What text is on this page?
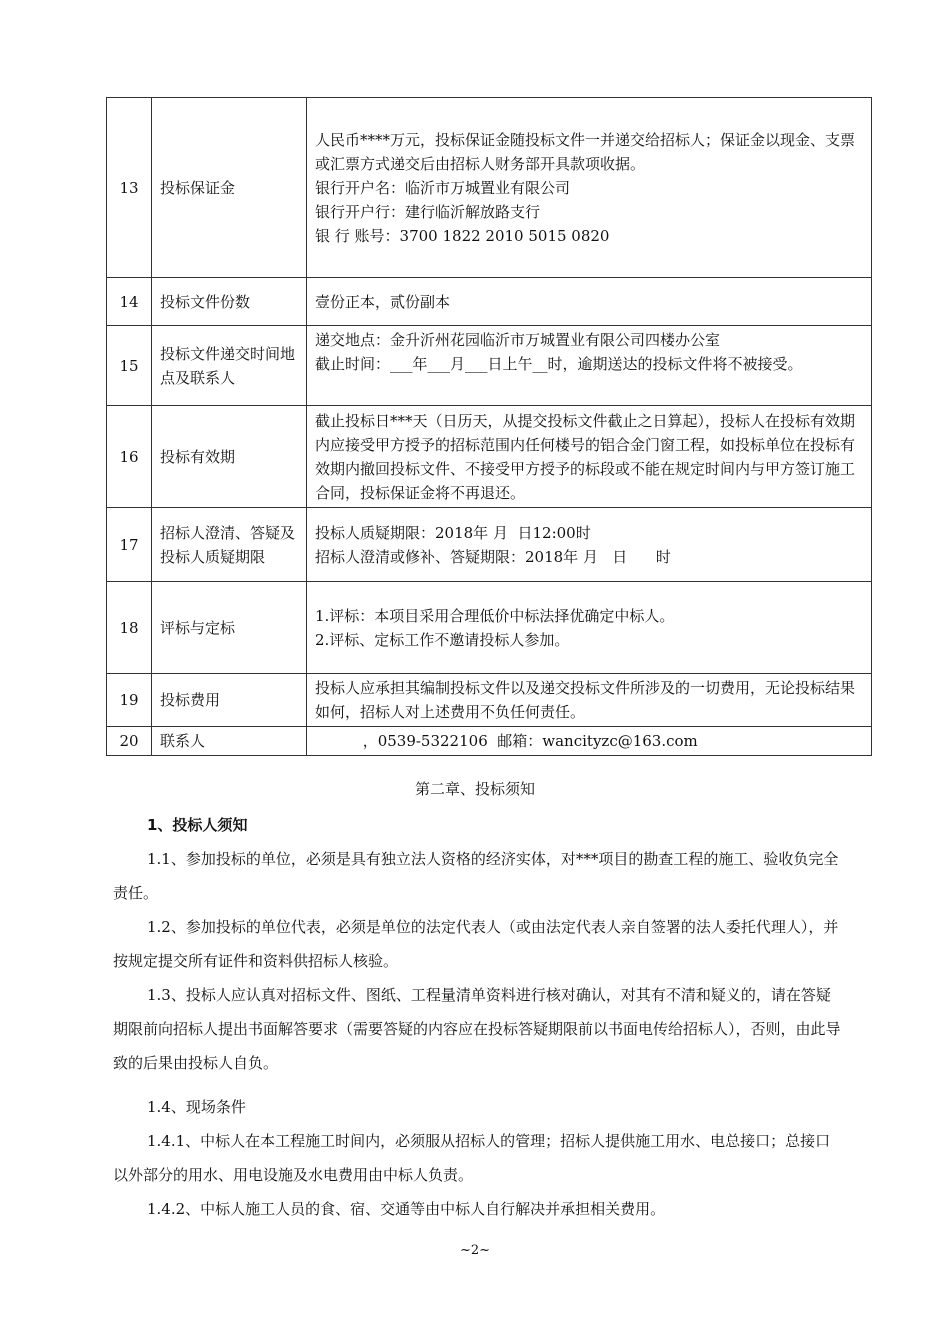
13	投标保证金	人民币****万元，投标保证金随投标文件一并递交给招标人；保证金以现金、支票或汇票方式递交后由招标人财务部开具款项收据。
银行开户名：临沂市万城置业有限公司
银行开户行：建行临沂解放路支行
银 行 账号：3700 1822 2010 5015 0820

14	投标文件份数	壹份正本，贰份副本

15	投标文件递交时间地点及联系人	递交地点：金升沂州花园临沂市万城置业有限公司四楼办公室
截止时间：___年___月___日上午__时，逾期送达的投标文件将不被接受。

16	投标有效期	截止投标日***天（日历天，从提交投标文件截止之日算起），投标人在投标有效期内应接受甲方授予的招标范围内任何楼号的铝合金门窗工程，如投标单位在投标有效期内撤回投标文件、不接受甲方授予的标段或不能在规定时间内与甲方签订施工合同，投标保证金将不再退还。

17	招标人澄清、答疑及投标人质疑期限	投标人质疑期限：2018年 月  日12:00时
招标人澄清或修补、答疑期限：2018年 月   日      时

18	评标与定标	1.评标：本项目采用合理低价中标法择优确定中标人。
2.评标、定标工作不邀请投标人参加。

19	投标费用	投标人应承担其编制投标文件以及递交投标文件所涉及的一切费用，无论投标结果如何，招标人对上述费用不负任何责任。

20	联系人	，0539-5322106  邮箱：wancityzc@163.com
第二章、投标须知
1、投标人须知

1.1、参加投标的单位，必须是具有独立法人资格的经济实体，对***项目的勘查工程的施工、验收负完全责任。

1.2、参加投标的单位代表，必须是单位的法定代表人（或由法定代表人亲自签署的法人委托代理人），并按规定提交所有证件和资料供招标人核验。

1.3、投标人应认真对招标文件、图纸、工程量清单资料进行核对确认，对其有不清和疑义的，请在答疑期限前向招标人提出书面解答要求（需要答疑的内容应在投标答疑期限前以书面电传给招标人），否则，由此导致的后果由投标人自负。

1.4、现场条件

1.4.1、中标人在本工程施工时间内，必须服从招标人的管理；招标人提供施工用水、电总接口；总接口以外部分的用水、用电设施及水电费用由中标人负责。

1.4.2、中标人施工人员的食、宿、交通等由中标人自行解决并承担相关费用。

~2~
